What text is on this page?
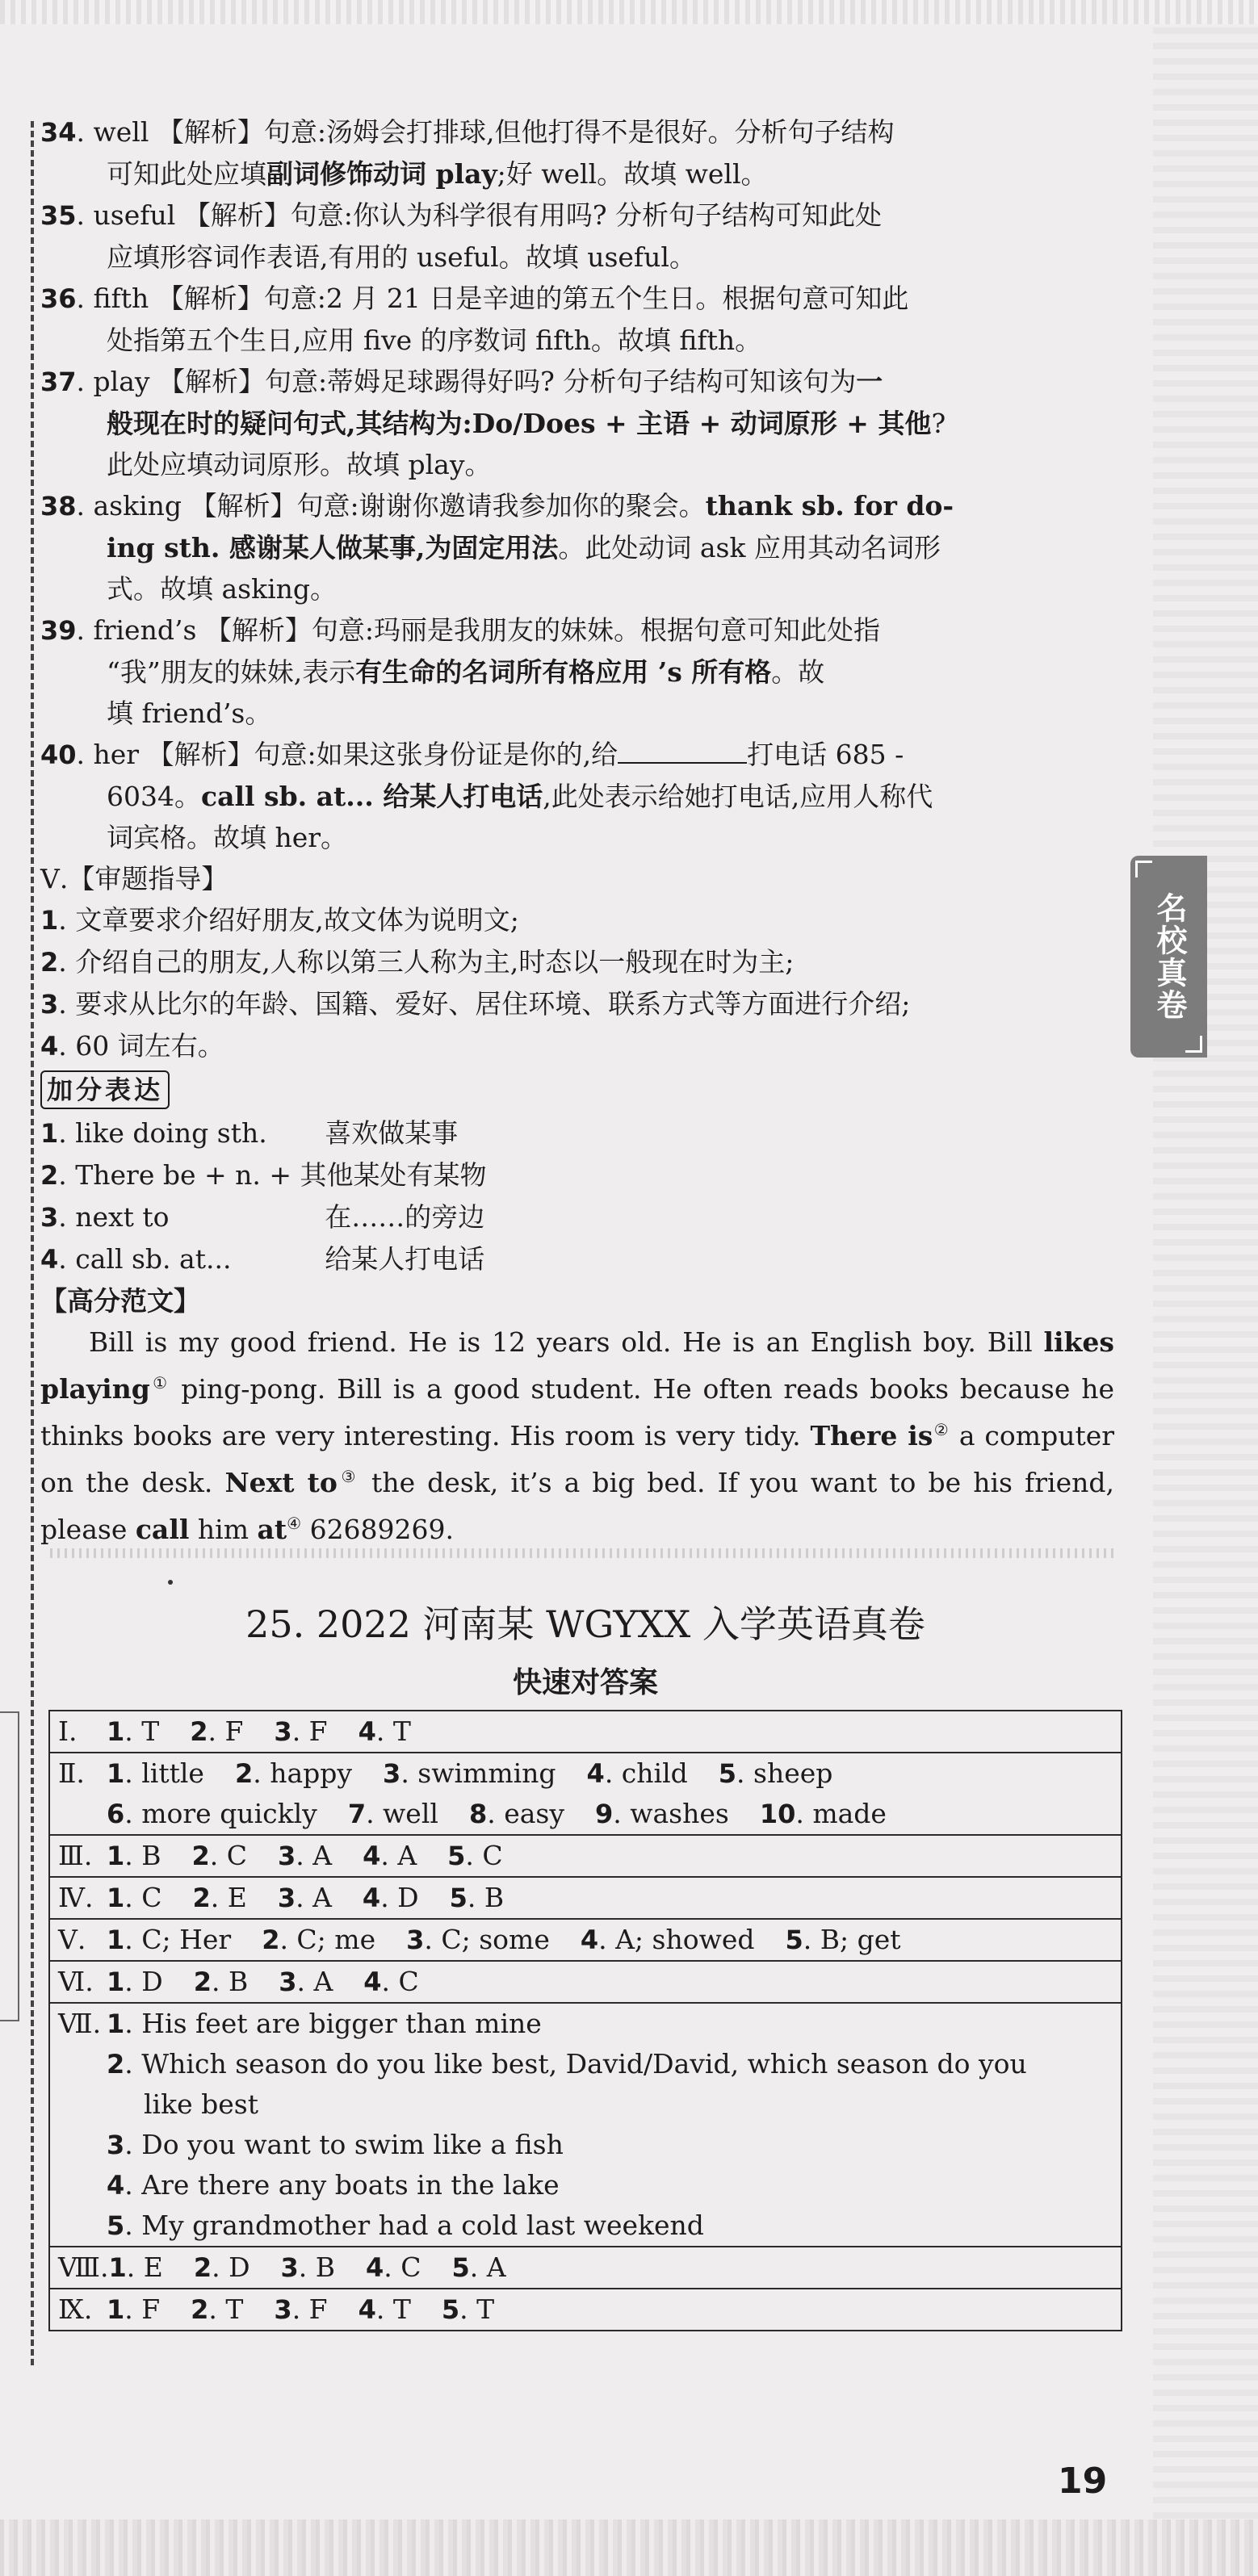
名校真卷
34. well 【解析】句意:汤姆会打排球,但他打得不是很好。分析句子结构
可知此处应填副词修饰动词 play;好 well。故填 well。
35. useful 【解析】句意:你认为科学很有用吗? 分析句子结构可知此处
应填形容词作表语,有用的 useful。故填 useful。
36. fifth 【解析】句意:2 月 21 日是辛迪的第五个生日。根据句意可知此
处指第五个生日,应用 five 的序数词 fifth。故填 fifth。
37. play 【解析】句意:蒂姆足球踢得好吗? 分析句子结构可知该句为一
般现在时的疑问句式,其结构为:Do/Does + 主语 + 动词原形 + 其他?
此处应填动词原形。故填 play。
38. asking 【解析】句意:谢谢你邀请我参加你的聚会。thank sb. for do-
ing sth. 感谢某人做某事,为固定用法。此处动词 ask 应用其动名词形
式。故填 asking。
39. friend’s 【解析】句意:玛丽是我朋友的妹妹。根据句意可知此处指
“我”朋友的妹妹,表示有生命的名词所有格应用 ’s 所有格。故
填 friend’s。
40. her 【解析】句意:如果这张身份证是你的,给	打电话 685 -
6034。call sb. at... 给某人打电话,此处表示给她打电话,应用人称代
词宾格。故填 her。
Ⅴ.【审题指导】
1. 文章要求介绍好朋友,故文体为说明文;
2. 介绍自己的朋友,人称以第三人称为主,时态以一般现在时为主;
3. 要求从比尔的年龄、国籍、爱好、居住环境、联系方式等方面进行介绍;
4. 60 词左右。
加分表达
1. like doing sth. 喜欢做某事
2. There be + n. + 其他某处有某物
3. next to	在……的旁边
4. call sb. at...	给某人打电话
【高分范文】

Bill is my good friend. He is 12 years old. He is an English boy. Bill likes playing① ping-pong. Bill is a good student. He often reads books because he thinks books are very interesting. His room is very tidy. There is② a computer on the desk. Next to③ the desk, it’s a big bed. If you want to be his friend, please call him at④ 62689269.

25. 2022 河南某 WGYXX 入学英语真卷
快速对答案
Ⅰ. 1. T 2. F 3. F 4. T

Ⅱ. 1. little 2. happy 3. swimming 4. child 5. sheep
6. more quickly 7. well 8. easy 9. washes 10. made

Ⅲ. 1. B 2. C 3. A 4. A 5. C

Ⅳ. 1. C 2. E 3. A 4. D 5. B

Ⅴ. 1. C; Her 2. C; me 3. C; some 4. A; showed 5. B; get

Ⅵ. 1. D 2. B 3. A 4. C

Ⅶ. 1. His feet are bigger than mine
2. Which season do you like best, David/David, which season do you
like best
3. Do you want to swim like a fish
4. Are there any boats in the lake
5. My grandmother had a cold last weekend

Ⅷ.1. E 2. D 3. B 4. C 5. A

Ⅸ. 1. F 2. T 3. F 4. T 5. T
19
